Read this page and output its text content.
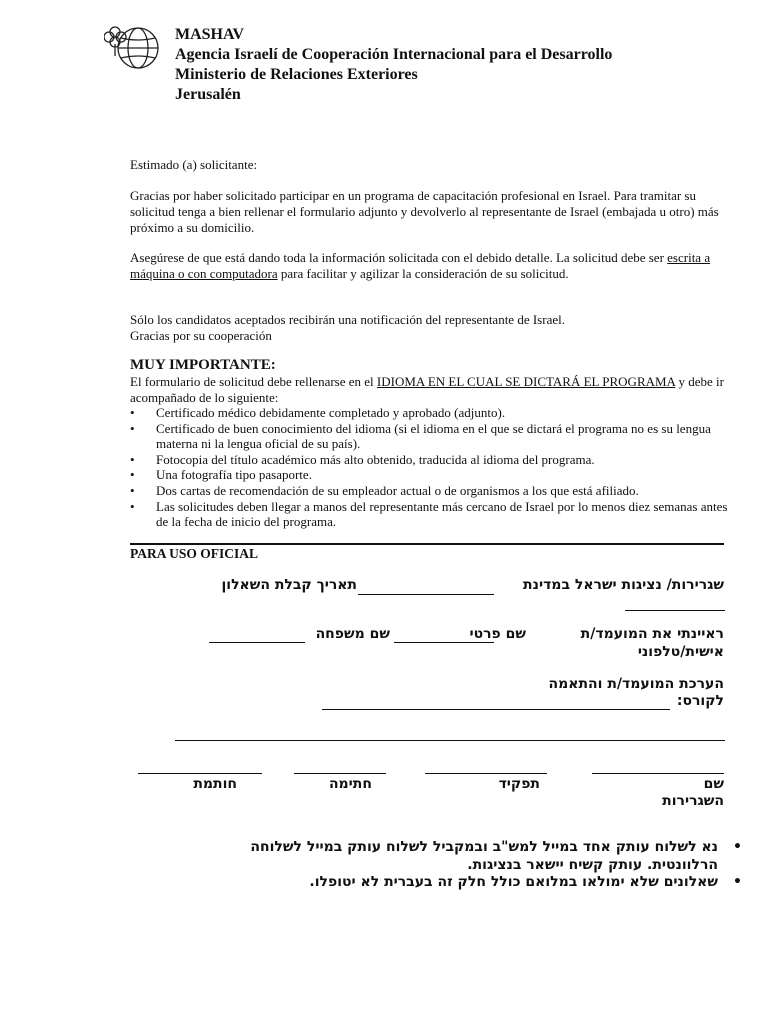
MASHAV
Agencia Israelí de Cooperación Internacional para el Desarrollo
Ministerio de Relaciones Exteriores
Jerusalén
Estimado (a) solicitante:
Gracias por haber solicitado participar en un programa de capacitación profesional en Israel. Para tramitar su solicitud tenga a bien rellenar el formulario adjunto y devolverlo al representante de Israel (embajada u otro) más próximo a su domicilio.
Asegúrese de que está dando toda la información solicitada con el debido detalle. La solicitud debe ser escrita a máquina o con computadora para facilitar y agilizar la consideración de su solicitud.
Sólo los candidatos aceptados recibirán una notificación del representante de Israel.
Gracias por su cooperación
MUY IMPORTANTE:
El formulario de solicitud debe rellenarse en el IDIOMA EN EL CUAL SE DICTARÁ EL PROGRAMA y debe ir acompañado de lo siguiente:
• Certificado médico debidamente completado y aprobado (adjunto).
• Certificado de buen conocimiento del idioma (si el idioma en el que se dictará el programa no es su lengua materna ni la lengua oficial de su país).
• Fotocopia del título académico más alto obtenido, traducida al idioma del programa.
• Una fotografía tipo pasaporte.
• Dos cartas de recomendación de su empleador actual o de organismos a los que está afiliado.
• Las solicitudes deben llegar a manos del representante más cercano de Israel por lo menos diez semanas antes de la fecha de inicio del programa.
PARA USO OFICIAL
שגרירות/ נציגות ישראל במדינת
תאריך קבלת השאלון
ראיינתי את המועמד/ת
שם פרטי
שם משפחה
אישית/טלפוני
הערכת המועמד/ת והתאמה
לקורס:
שם
השגרירות
תפקיד
חתימה
חותמת
•
נא לשלוח עותק אחד במייל למש"ב ובמקביל לשלוח עותק במייל לשלוחה הרלוונטית. עותק קשיח יישאר בנציגות.
•
שאלונים שלא ימולאו במלואם כולל חלק זה בעברית לא יטופלו.
